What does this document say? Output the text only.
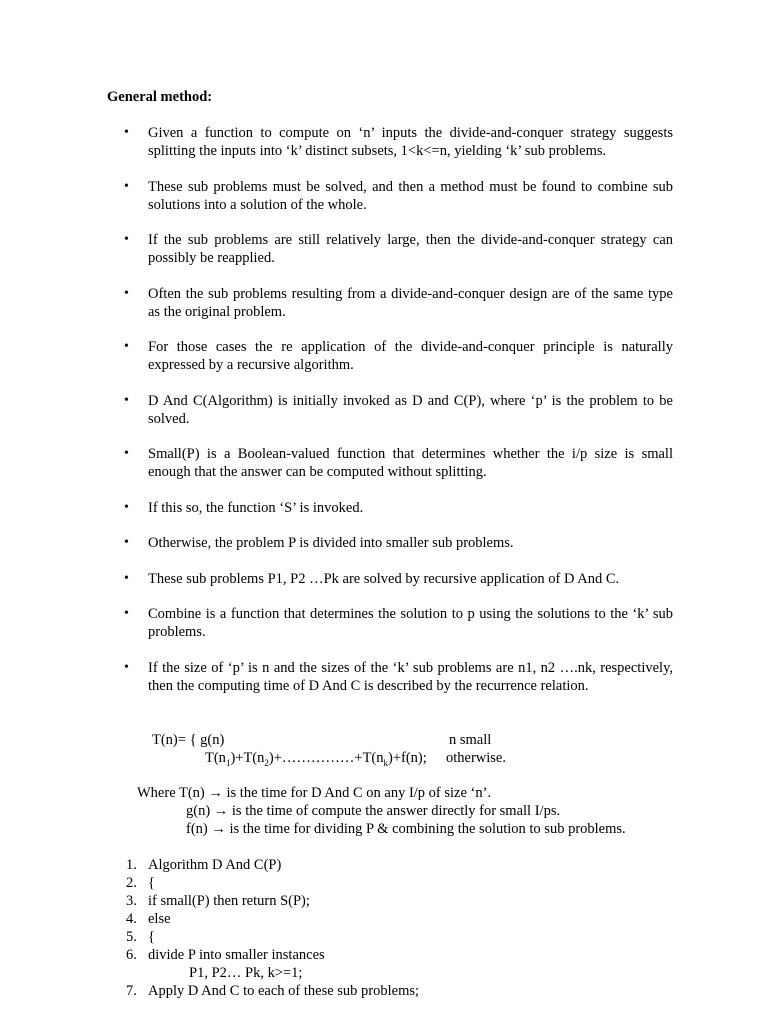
General method:
• Given a function to compute on ‘n’ inputs the divide-and-conquer strategy suggests splitting the inputs into ‘k’ distinct subsets, 1<k<=n, yielding ‘k’ sub problems.
• These sub problems must be solved, and then a method must be found to combine sub solutions into a solution of the whole.
• If the sub problems are still relatively large, then the divide-and-conquer strategy can possibly be reapplied.
• Often the sub problems resulting from a divide-and-conquer design are of the same type as the original problem.
• For those cases the re application of the divide-and-conquer principle is naturally expressed by a recursive algorithm.
• D And C(Algorithm) is initially invoked as D and C(P), where ‘p’ is the problem to be solved.
• Small(P) is a Boolean-valued function that determines whether the i/p size is small enough that the answer can be computed without splitting.
• If this so, the function ‘S’ is invoked.
• Otherwise, the problem P is divided into smaller sub problems.
• These sub problems P1, P2 …Pk are solved by recursive application of D And C.
• Combine is a function that determines the solution to p using the solutions to the ‘k’ sub problems.
• If the size of ‘p’ is n and the sizes of the ‘k’ sub problems are n1, n2 ….nk, respectively, then the computing time of D And C is described by the recurrence relation.
T(n)= { g(n)	n small
$T(n_1)+T(n_2)+\dots\dots\dots\dots\dots+T(n_k)+f(n)$; otherwise.
Where T(n) → is the time for D And C on any I/p of size ‘n’.
g(n) → is the time of compute the answer directly for small I/ps.
f(n) → is the time for dividing P & combining the solution to sub problems.
1. Algorithm D And C(P)
2. {
3. if small(P) then return S(P);
4. else
5. {
6. divide P into smaller instances
P1, P2… Pk, k>=1;
7. Apply D And C to each of these sub problems;
